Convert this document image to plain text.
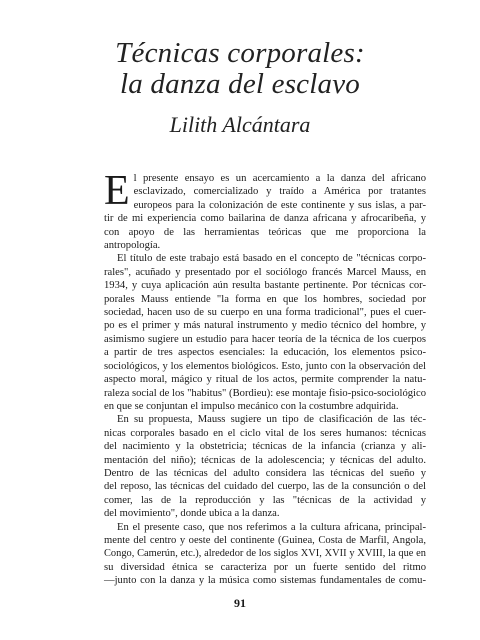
Técnicas corporales:
la danza del esclavo
Lilith Alcántara

E l presente ensayo es un acercamiento a la danza del africano
esclavizado, comercializado y traído a América por tratantes
europeos para la colonización de este continente y sus islas, a par-
tir de mi experiencia como bailarina de danza africana y afrocaribeña, y
con apoyo de las herramientas teóricas que me proporciona la
antropología.

El título de este trabajo está basado en el concepto de "técnicas corpo-
rales", acuñado y presentado por el sociólogo francés Marcel Mauss, en
1934, y cuya aplicación aún resulta bastante pertinente. Por técnicas cor-
porales Mauss entiende "la forma en que los hombres, sociedad por
sociedad, hacen uso de su cuerpo en una forma tradicional", pues el cuer-
po es el primer y más natural instrumento y medio técnico del hombre, y
asimismo sugiere un estudio para hacer teoría de la técnica de los cuerpos
a partir de tres aspectos esenciales: la educación, los elementos psico-
sociológicos, y los elementos biológicos. Esto, junto con la observación del
aspecto moral, mágico y ritual de los actos, permite comprender la natu-
raleza social de los "habitus" (Bordieu): ese montaje fisio-psico-sociológico
en que se conjuntan el impulso mecánico con la costumbre adquirida.

En su propuesta, Mauss sugiere un tipo de clasificación de las téc-
nicas corporales basado en el ciclo vital de los seres humanos: técnicas
del nacimiento y la obstetricia; técnicas de la infancia (crianza y ali-
mentación del niño); técnicas de la adolescencia; y técnicas del adulto.
Dentro de las técnicas del adulto considera las técnicas del sueño y
del reposo, las técnicas del cuidado del cuerpo, las de la consunción o del
comer, las de la reproducción y las "técnicas de la actividad y
del movimiento", donde ubica a la danza.

En el presente caso, que nos referimos a la cultura africana, principal-
mente del centro y oeste del continente (Guinea, Costa de Marfil, Angola,
Congo, Camerún, etc.), alrededor de los siglos XVI, XVII y XVIII, la que en
su diversidad étnica se caracteriza por un fuerte sentido del ritmo
—junto con la danza y la música como sistemas fundamentales de comu-

91
